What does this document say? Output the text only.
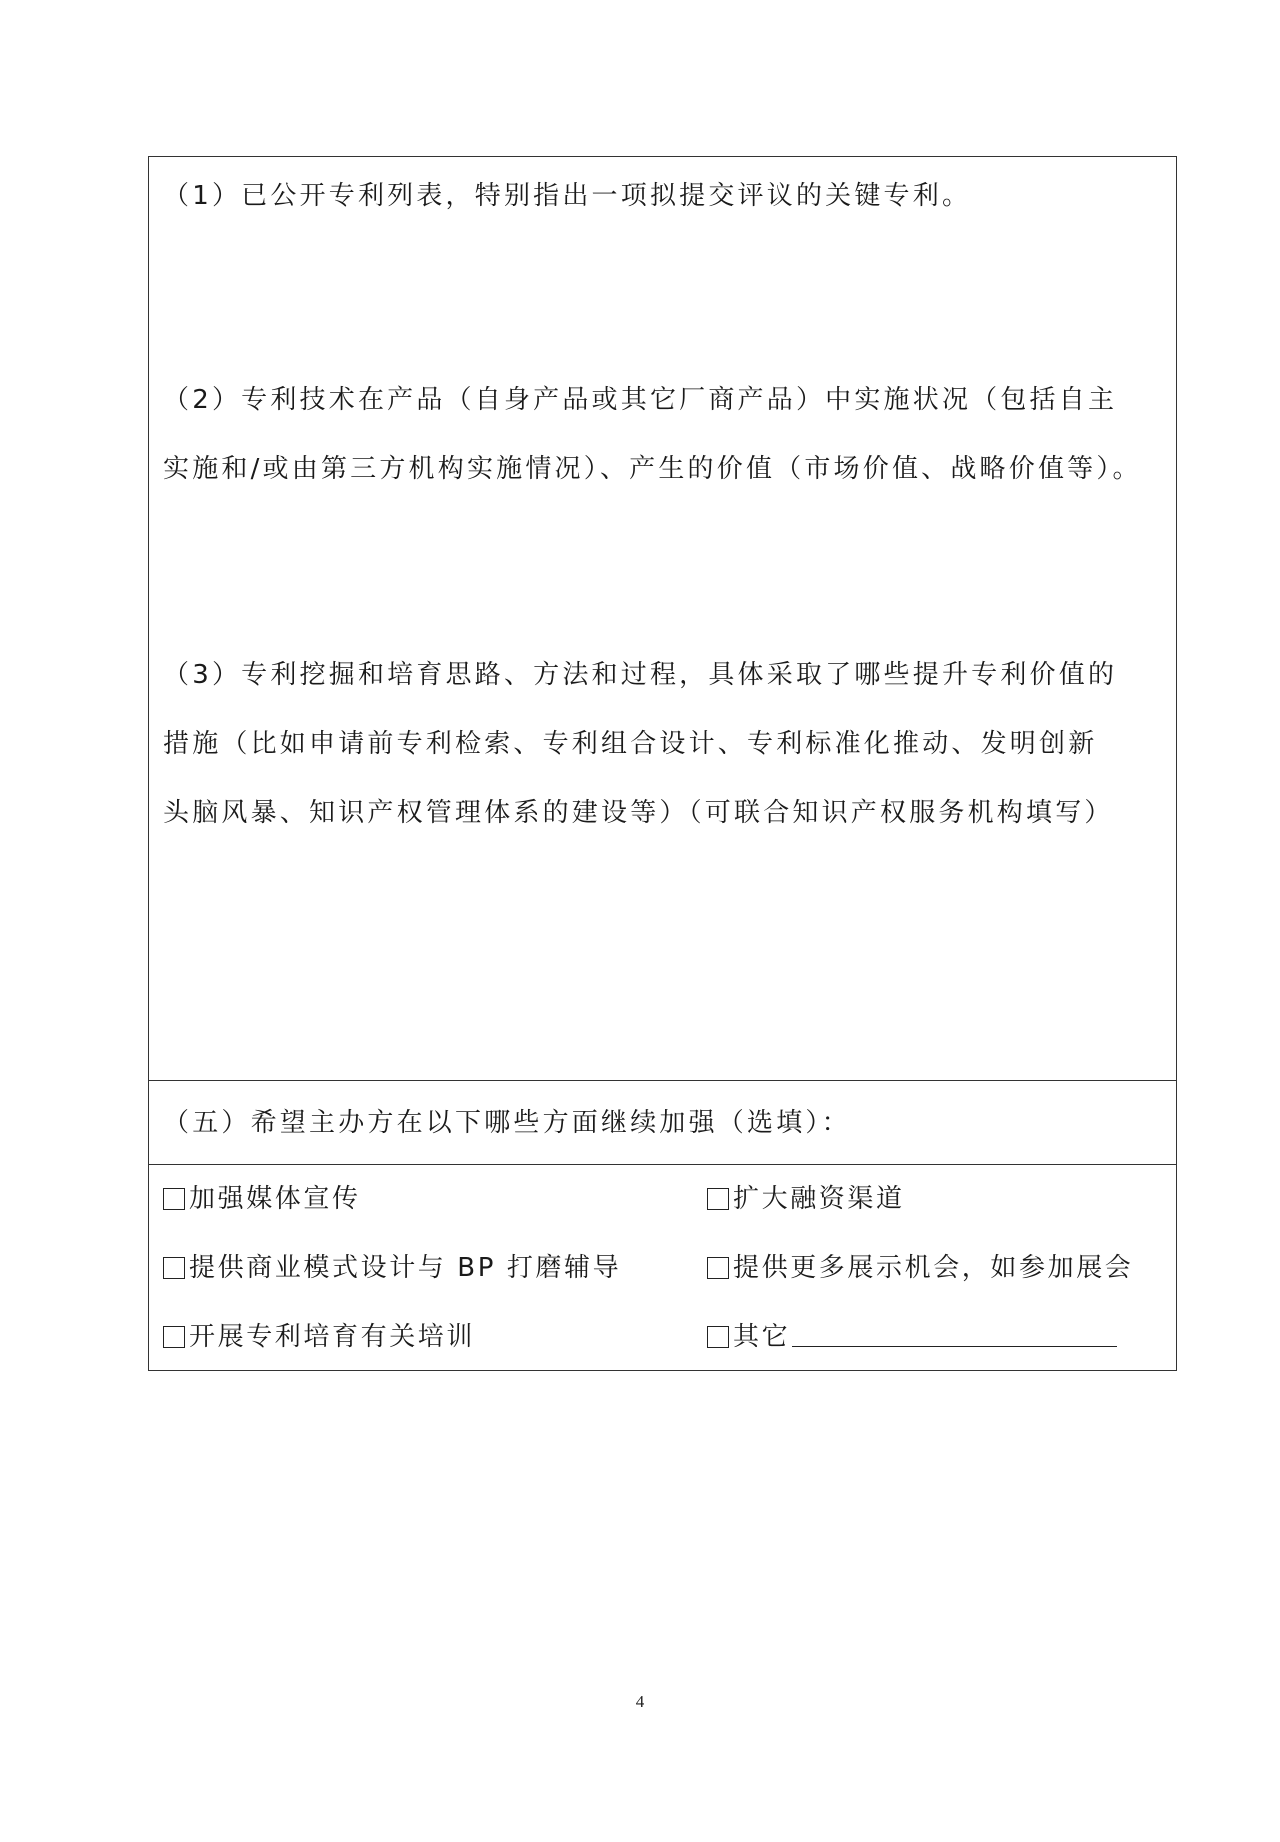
（1）已公开专利列表，特别指出一项拟提交评议的关键专利。
（2）专利技术在产品（自身产品或其它厂商产品）中实施状况（包括自主
实施和/或由第三方机构实施情况）、产生的价值（市场价值、战略价值等）。
（3）专利挖掘和培育思路、方法和过程，具体采取了哪些提升专利价值的
措施（比如申请前专利检索、专利组合设计、专利标准化推动、发明创新
头脑风暴、知识产权管理体系的建设等）（可联合知识产权服务机构填写）
（五）希望主办方在以下哪些方面继续加强（选填）：
加强媒体宣传	扩大融资渠道
提供商业模式设计与 BP 打磨辅导	提供更多展示机会，如参加展会
开展专利培育有关培训	其它
4
